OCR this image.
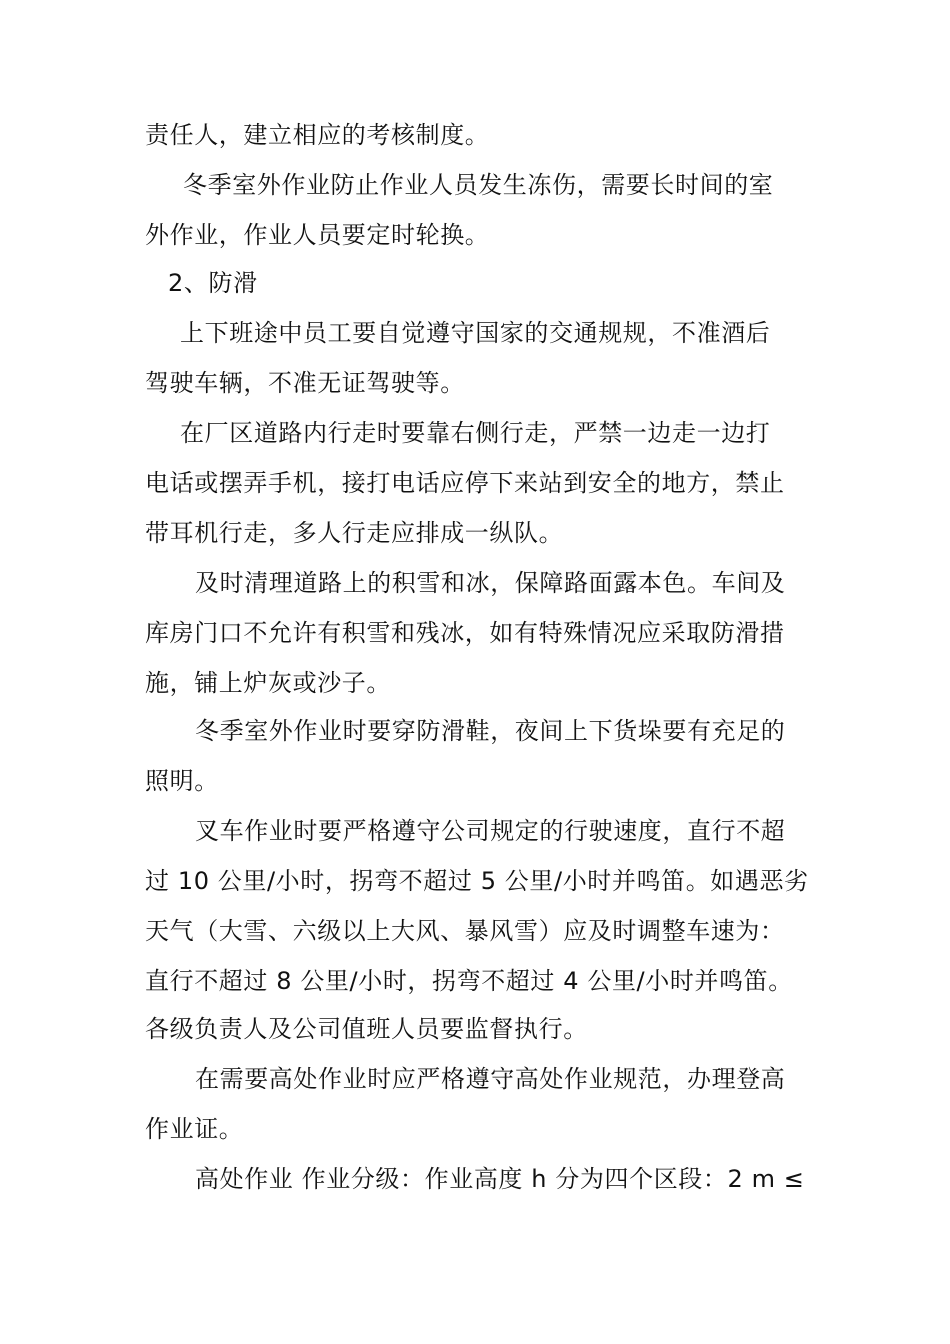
责任人，建立相应的考核制度。
冬季室外作业防止作业人员发生冻伤，需要长时间的室
外作业，作业人员要定时轮换。
2、防滑
上下班途中员工要自觉遵守国家的交通规规，不准酒后
驾驶车辆，不准无证驾驶等。
在厂区道路内行走时要靠右侧行走，严禁一边走一边打
电话或摆弄手机，接打电话应停下来站到安全的地方，禁止
带耳机行走，多人行走应排成一纵队。
及时清理道路上的积雪和冰，保障路面露本色。车间及
库房门口不允许有积雪和残冰，如有特殊情况应采取防滑措
施，铺上炉灰或沙子。
冬季室外作业时要穿防滑鞋，夜间上下货垛要有充足的
照明。
叉车作业时要严格遵守公司规定的行驶速度，直行不超
过 10 公里/小时，拐弯不超过 5 公里/小时并鸣笛。如遇恶劣
天气（大雪、六级以上大风、暴风雪）应及时调整车速为：
直行不超过 8 公里/小时，拐弯不超过 4 公里/小时并鸣笛。
各级负责人及公司值班人员要监督执行。
在需要高处作业时应严格遵守高处作业规范，办理登高
作业证。
高处作业 作业分级：作业高度 h 分为四个区段：2 m ≤
